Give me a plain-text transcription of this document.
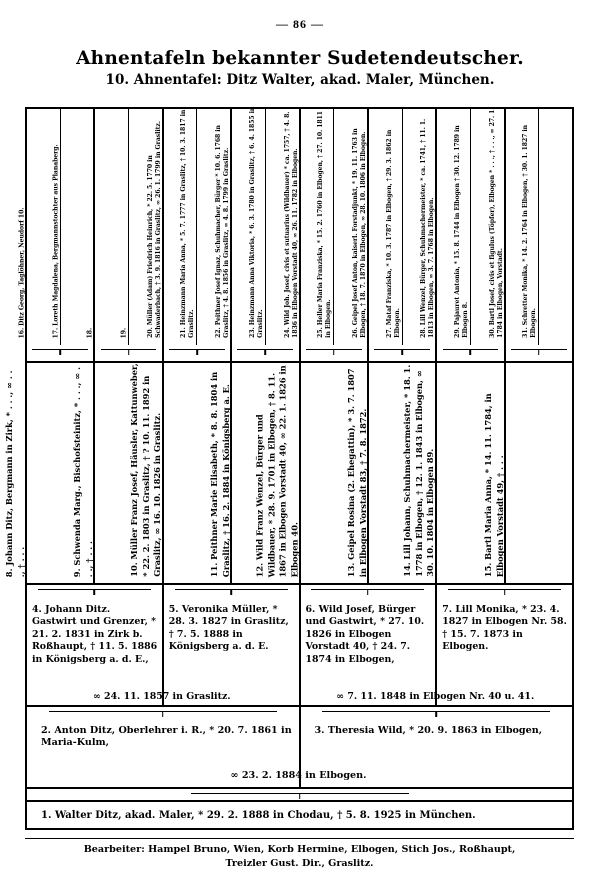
— 86 —
Ahnentafeln bekannter Sudetendeutscher.
10. Ahnentafel: Ditz Walter, akad. Maler, München.
16. Ditz Georg, Taglöhner, Neudorf 10.
17. Loreth Magdalena, Bergmannstochter aus Planaberg.
18.	19.	20. Müller (Adam) Friedrich Heinrich, * 22. 5. 1770 in Schwaderbach, † 3. 9. 1816 in Graslitz, ∞ 26. 1. 1799 in Graslitz.	21. Heinzmann Maria Anna, * 5. 7. 1777 in Graslitz, † 10. 3. 1817 in Graslitz.	22. Peithner Josef Ignaz, Schuhmacher, Bürger * 10. 6. 1768 in Graslitz, † 4. 8. 1856 in Graslitz, ∞ 4. 8. 1799 in Graslitz.	23. Heinzmann Anna Viktoria, * 6. 3. 1780 in Graslitz, † 6. 4. 1855 in Graslitz.	24. Wild Joh. Josef, civis et sutuarius (Wildbauer) * ca. 1757, † 4. 8. 1836 in Elbogen Vorstadt 40, ∞ 26. 11. 1782 in Elbogen.	25. Heller Maria Franziska, * 15. 2. 1760 in Elbogen, † 27. 10. 1811 in Elbogen.	26. Geipel Josef Anton, kaiserl. Forstadjunkt, * 19. 11. 1763 in Elbogen, † 18. 7. 1870 in Elbogen, ∞ 28. 10. 1806 in Elbogen.	27. Mataf Franziska, * 10. 3. 1787 in Elbogen, † 29. 3. 1862 in Elbogen.	28. Lill Wenzel, Bürger, Schuhmachermeister, * ca. 1741, † 11. 1. 1813 in Elbogen, ∞ 3. 7. 1768 in Elbogen.	29. Pajauret Antonia, * 15. 8. 1744 in Elbogen † 30. 12. 1789 in Elbogen 8.	30. Bartl Josef, civis et figulus (Töpfer), Elbogen * . . ., † . . ., ∞ 27. 1. 1784 in Elbogen, Vorstadt.	31. Schretter Monika, * 14. 2. 1764 in Elbogen, † 30. 1. 1827 in Elbogen.
8. Johann Ditz, Bergmann in Zirk, * . . ., ∞ . . ., † . . .	9. Schwenda Marg., Bischofsteinitz, * . . ., ∞ . . ., † . . .	10. Müller Franz Josef, Häusler, Kattunweber, * 22. 2. 1803 in Graslitz, † ? 10. 11. 1892 in Graslitz, ∞ 16. 10. 1826 in Graslitz.	11. Peithner Marie Elisabeth, * 8. 8. 1804 in Graslitz, † 16. 2. 1884 in Königsberg a. E.	12. Wild Franz Wenzel, Bürger und Wildbauer, * 28. 9. 1701 in Elbogen, † 8. 11. 1867 in Elbogen Vorstadt 40, ∞ 22. 1. 1826 in Elbogen 40.	13. Geipel Rosina (2. Ehegattin), * 3. 7. 1807 in Elbogen Vorstadt 83, † 7. 8. 1872.	14. Lill Johann, Schuhmachermeister, * 18. 1. 1778 in Elbogen, † 12. 1. 1843 in Elbogen, ∞ 30. 10. 1804 in Elbogen 89.	15. Bartl Maria Anna, * 14. 11. 1784, in Elbogen Vorstadt 49, † . . .
4. Johann Ditz. Gastwirt und Grenzer, * 21. 2. 1831 in Zirk b. Roßhaupt, † 11. 5. 1886 in Königsberg a. d. E.,
∞ 24. 11. 1857 in Graslitz.
5. Veronika Müller, * 28. 3. 1827 in Graslitz, † 7. 5. 1888 in Königsberg a. d. E.
6. Wild Josef, Bürger und Gastwirt, * 27. 10. 1826 in Elbogen Vorstadt 40, † 24. 7. 1874 in Elbogen,
∞ 7. 11. 1848 in Elbogen Nr. 40 u. 41.
7. Lill Monika, * 23. 4. 1827 in Elbogen Nr. 58. † 15. 7. 1873 in Elbogen.
2. Anton Ditz, Oberlehrer i. R., * 20. 7. 1861 in Maria-Kulm,
∞ 23. 2. 1884 in Elbogen.
3. Theresia Wild, * 20. 9. 1863 in Elbogen,
1. Walter Ditz, akad. Maler, * 29. 2. 1888 in Chodau, † 5. 8. 1925 in München.
Bearbeiter: Hampel Bruno, Wien, Korb Hermine, Elbogen, Stich Jos., Roßhaupt,
Treizler Gust. Dir., Graslitz.
